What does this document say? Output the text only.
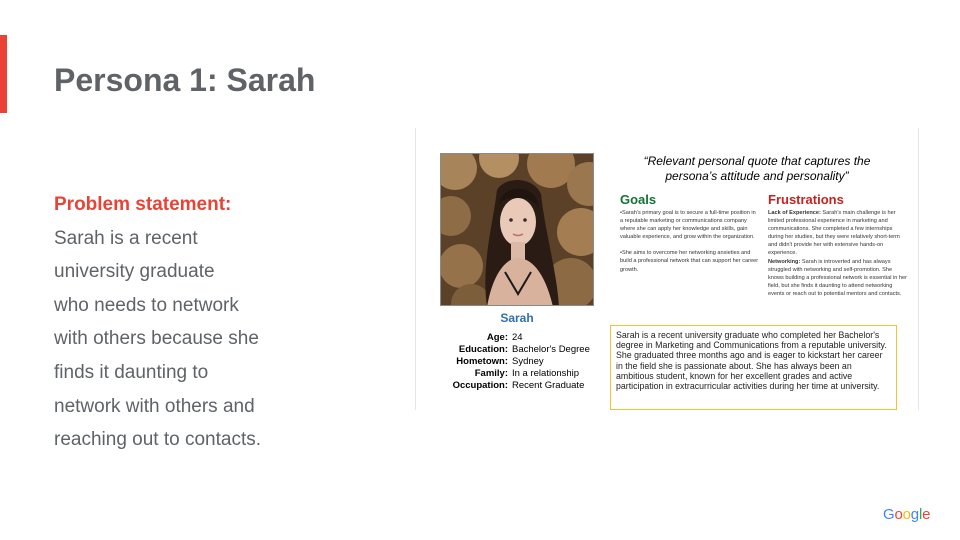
Persona 1: Sarah
Problem statement:
Sarah is a recent
university graduate
who needs to network
with others because she
finds it daunting to
network with others and
reaching out to contacts.
Sarah
Age: 24
Education: Bachelor's Degree
Hometown: Sydney
Family: In a relationship
Occupation: Recent Graduate
“Relevant personal quote that captures the
persona’s attitude and personality”
Goals

•Sarah's primary goal is to secure a full-time position in a reputable marketing or communications company where she can apply her knowledge and skills, gain valuable experience, and grow within the organization.

•She aims to overcome her networking anxieties and build a professional network that can support her career growth.

Frustrations

Lack of Experience: Sarah's main challenge is her limited professional experience in marketing and communications. She completed a few internships during her studies, but they were relatively short-term and didn't provide her with extensive hands-on experience.

Networking: Sarah is introverted and has always struggled with networking and self-promotion. She knows building a professional network is essential in her field, but she finds it daunting to attend networking events or reach out to potential mentors and contacts.

Sarah is a recent university graduate who completed her Bachelor's degree in Marketing and Communications from a reputable university. She graduated three months ago and is eager to kickstart her career in the field she is passionate about. She has always been an ambitious student, known for her excellent grades and active participation in extracurricular activities during her time at university.
Google
